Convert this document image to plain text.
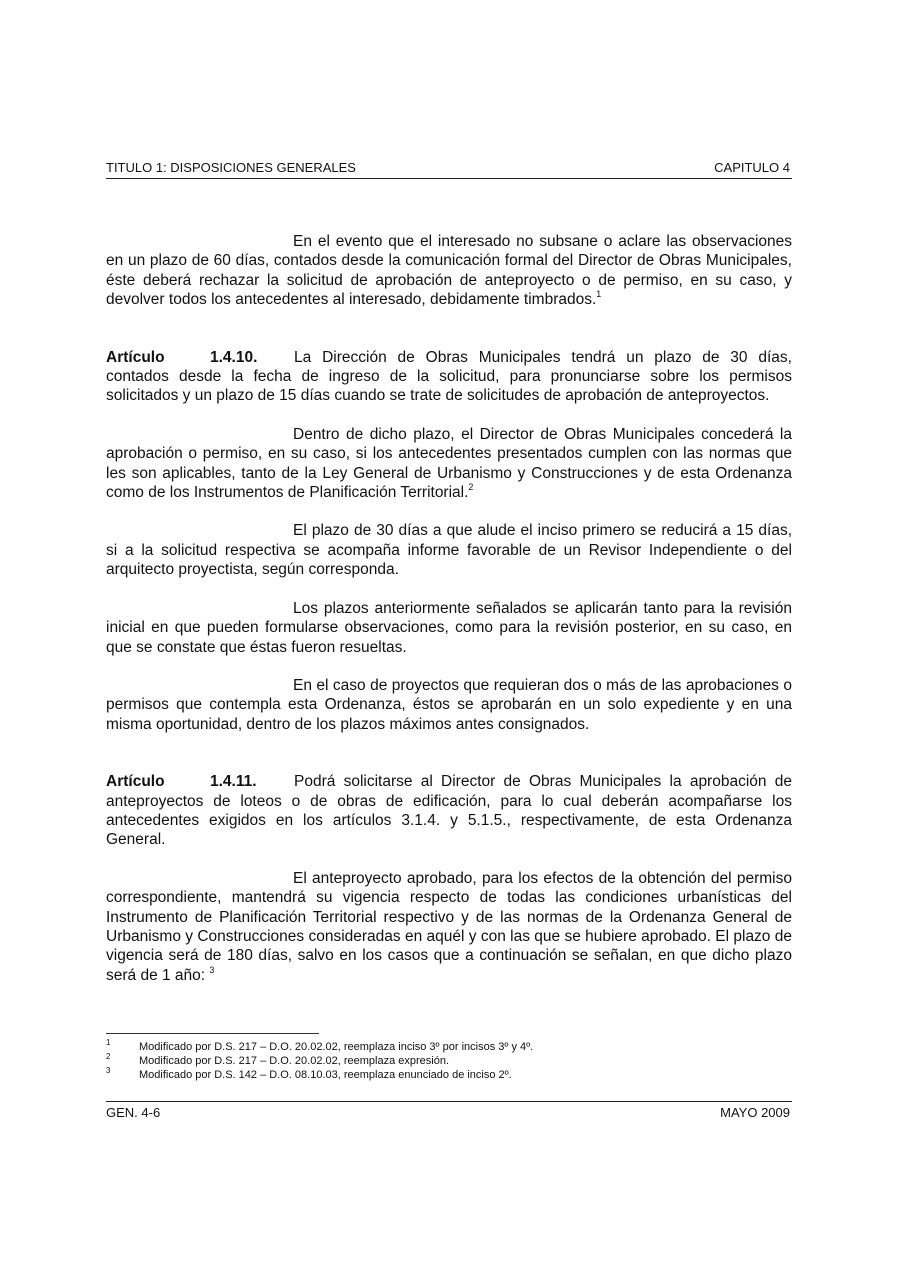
TITULO 1: DISPOSICIONES GENERALES	CAPITULO 4

En el evento que el interesado no subsane o aclare las observaciones en un plazo de 60 días, contados desde la comunicación formal del Director de Obras Municipales, éste deberá rechazar la solicitud de aprobación de anteproyecto o de permiso, en su caso, y devolver todos los antecedentes al interesado, debidamente timbrados.$^1$

Artículo	1.4.10. La Dirección de Obras Municipales tendrá un plazo de 30 días, contados desde la fecha de ingreso de la solicitud, para pronunciarse sobre los permisos solicitados y un plazo de 15 días cuando se trate de solicitudes de aprobación de anteproyectos.

Dentro de dicho plazo, el Director de Obras Municipales concederá la aprobación o permiso, en su caso, si los antecedentes presentados cumplen con las normas que les son aplicables, tanto de la Ley General de Urbanismo y Construcciones y de esta Ordenanza como de los Instrumentos de Planificación Territorial.$^2$

El plazo de 30 días a que alude el inciso primero se reducirá a 15 días, si a la solicitud respectiva se acompaña informe favorable de un Revisor Independiente o del arquitecto proyectista, según corresponda.

Los plazos anteriormente señalados se aplicarán tanto para la revisión inicial en que pueden formularse observaciones, como para la revisión posterior, en su caso, en que se constate que éstas fueron resueltas.

En el caso de proyectos que requieran dos o más de las aprobaciones o permisos que contempla esta Ordenanza, éstos se aprobarán en un solo expediente y en una misma oportunidad, dentro de los plazos máximos antes consignados.

Artículo	1.4.11. Podrá solicitarse al Director de Obras Municipales la aprobación de anteproyectos de loteos o de obras de edificación, para lo cual deberán acompañarse los antecedentes exigidos en los artículos 3.1.4. y 5.1.5., respectivamente, de esta Ordenanza General.

El anteproyecto aprobado, para los efectos de la obtención del permiso correspondiente, mantendrá su vigencia respecto de todas las condiciones urbanísticas del Instrumento de Planificación Territorial respectivo y de las normas de la Ordenanza General de Urbanismo y Construcciones consideradas en aquél y con las que se hubiere aprobado. El plazo de vigencia será de 180 días, salvo en los casos que a continuación se señalan, en que dicho plazo será de 1 año: $^3$

1	Modificado por D.S. 217 – D.O. 20.02.02, reemplaza inciso 3º por incisos 3º y 4º.
2	Modificado por D.S. 217 – D.O. 20.02.02, reemplaza expresión.
3	Modificado por D.S. 142 – D.O. 08.10.03, reemplaza enunciado de inciso 2º.
GEN. 4-6	MAYO 2009
